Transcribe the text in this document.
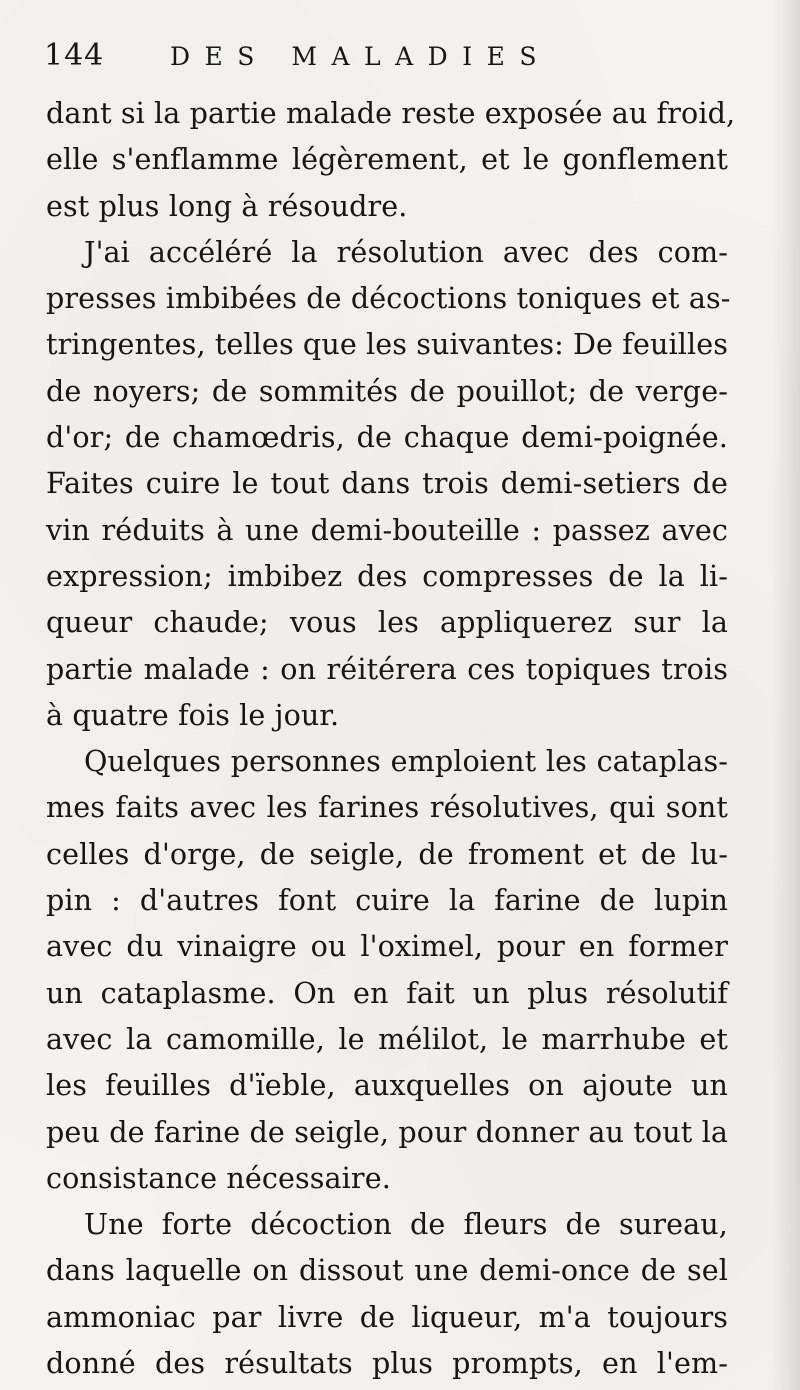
144	DES MALADIES
dant si la partie malade reste exposée au froid,
elle s'enflamme légèrement, et le gonflement
est plus long à résoudre.
J'ai accéléré la résolution avec des com-
presses imbibées de décoctions toniques et as-
tringentes, telles que les suivantes: De feuilles
de noyers; de sommités de pouillot; de verge-
d'or; de chamœdris, de chaque demi-poignée.
Faites cuire le tout dans trois demi-setiers de
vin réduits à une demi-bouteille : passez avec
expression; imbibez des compresses de la li-
queur chaude; vous les appliquerez sur la
partie malade : on réitérera ces topiques trois
à quatre fois le jour.
Quelques personnes emploient les cataplas-
mes faits avec les farines résolutives, qui sont
celles d'orge, de seigle, de froment et de lu-
pin : d'autres font cuire la farine de lupin
avec du vinaigre ou l'oximel, pour en former
un cataplasme. On en fait un plus résolutif
avec la camomille, le mélilot, le marrhube et
les feuilles d'ïeble, auxquelles on ajoute un
peu de farine de seigle, pour donner au tout la
consistance nécessaire.
Une forte décoction de fleurs de sureau,
dans laquelle on dissout une demi-once de sel
ammoniac par livre de liqueur, m'a toujours
donné des résultats plus prompts, en l'em-
